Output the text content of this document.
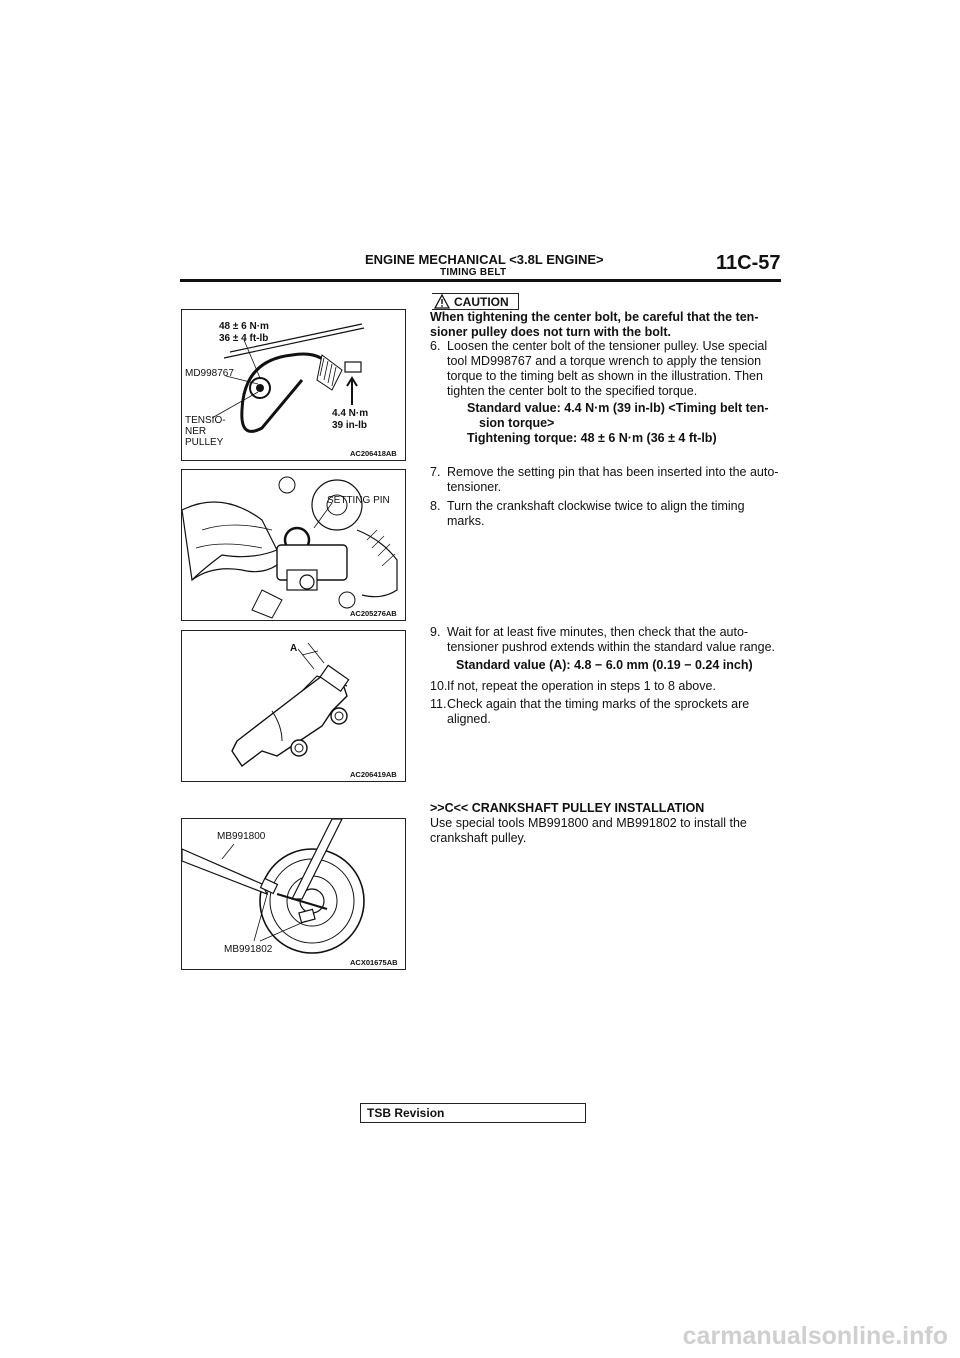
ENGINE MECHANICAL <3.8L ENGINE>
TIMING BELT	11C-57
48 ± 6 N·m
36 ± 4 ft-lb
MD998767
TENSIO-
NER
PULLEY
4.4 N·m
39 in-lb
AC206418AB
SETTING PIN
AC205276AB
A
AC206419AB
MB991800
MB991802
ACX01675AB
CAUTION
When tightening the center bolt, be careful that the ten-sioner pulley does not turn with the bolt.
6. Loosen the center bolt of the tensioner pulley. Use special tool MD998767 and a torque wrench to apply the tension torque to the timing belt as shown in the illustration. Then tighten the center bolt to the specified torque.
Standard value: 4.4 N·m (39 in-lb) <Timing belt ten-sion torque>
Tightening torque: 48 ± 6 N·m (36 ± 4 ft-lb)
7. Remove the setting pin that has been inserted into the auto-tensioner.
8. Turn the crankshaft clockwise twice to align the timing marks.
9. Wait for at least five minutes, then check that the auto-tensioner pushrod extends within the standard value range.
Standard value (A): 4.8 − 6.0 mm (0.19 − 0.24 inch)
10. If not, repeat the operation in steps 1 to 8 above.
11. Check again that the timing marks of the sprockets are aligned.
>>C<< CRANKSHAFT PULLEY INSTALLATION
Use special tools MB991800 and MB991802 to install the crankshaft pulley.
TSB Revision
carmanualsonline.info
